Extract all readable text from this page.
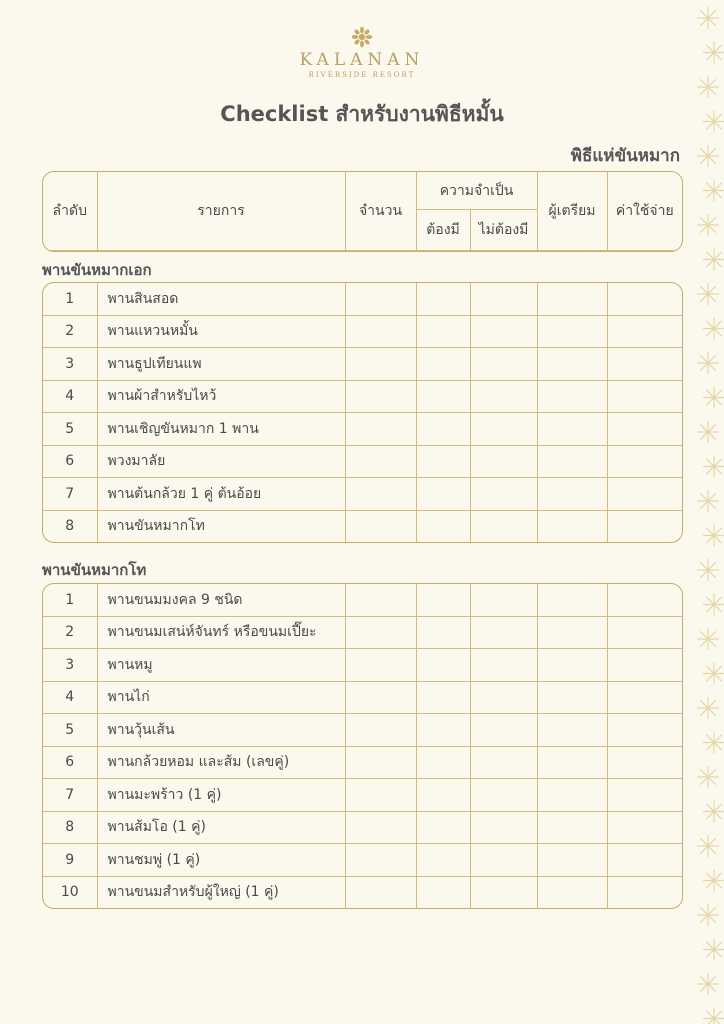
KALANAN
RIVERSIDE RESORT
Checklist สำหรับงานพิธีหมั้น
พิธีแห่ขันหมาก
ลำดับ	รายการ	จำนวน	ความจำเป็น		ผู้เตรียม	ค่าใช้จ่าย
			ต้องมี	ไม่ต้องมี		
พานขันหมากเอก
1	พานสินสอด					
2	พานแหวนหมั้น					
3	พานธูปเทียนแพ					
4	พานผ้าสำหรับไหว้					
5	พานเชิญขันหมาก 1 พาน					
6	พวงมาลัย					
7	พานต้นกล้วย 1 คู่ ต้นอ้อย					
8	พานขันหมากโท					
พานขันหมากโท
1	พานขนมมงคล 9 ชนิด					
2	พานขนมเสน่ห์จันทร์ หรือขนมเปี๊ยะ					
3	พานหมู					
4	พานไก่					
5	พานวุ้นเส้น					
6	พานกล้วยหอม และส้ม (เลขคู่)					
7	พานมะพร้าว (1 คู่)					
8	พานส้มโอ (1 คู่)					
9	พานชมพู่ (1 คู่)					
10	พานขนมสำหรับผู้ใหญ่ (1 คู่)					
